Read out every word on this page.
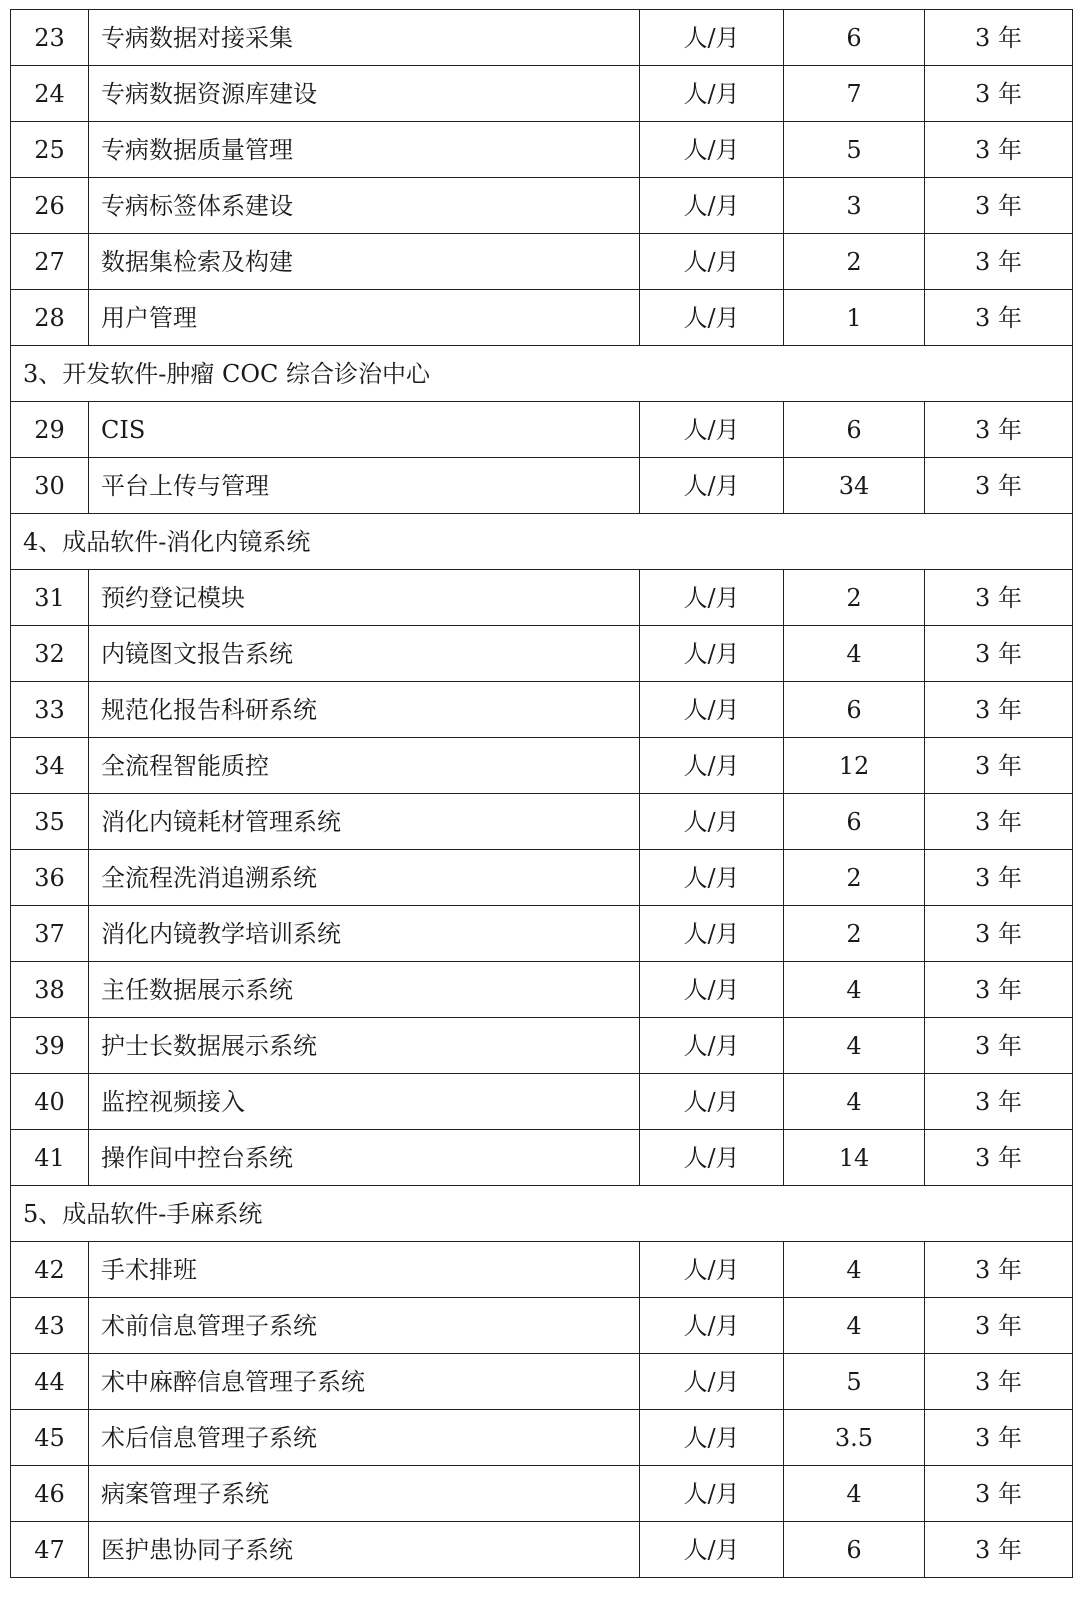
23	专病数据对接采集	人/月	6	3 年
24	专病数据资源库建设	人/月	7	3 年
25	专病数据质量管理	人/月	5	3 年
26	专病标签体系建设	人/月	3	3 年
27	数据集检索及构建	人/月	2	3 年
28	用户管理	人/月	1	3 年
3、开发软件-肿瘤 COC 综合诊治中心				
29	CIS	人/月	6	3 年
30	平台上传与管理	人/月	34	3 年
4、成品软件-消化内镜系统				
31	预约登记模块	人/月	2	3 年
32	内镜图文报告系统	人/月	4	3 年
33	规范化报告科研系统	人/月	6	3 年
34	全流程智能质控	人/月	12	3 年
35	消化内镜耗材管理系统	人/月	6	3 年
36	全流程洗消追溯系统	人/月	2	3 年
37	消化内镜教学培训系统	人/月	2	3 年
38	主任数据展示系统	人/月	4	3 年
39	护士长数据展示系统	人/月	4	3 年
40	监控视频接入	人/月	4	3 年
41	操作间中控台系统	人/月	14	3 年
5、成品软件-手麻系统				
42	手术排班	人/月	4	3 年
43	术前信息管理子系统	人/月	4	3 年
44	术中麻醉信息管理子系统	人/月	5	3 年
45	术后信息管理子系统	人/月	3.5	3 年
46	病案管理子系统	人/月	4	3 年
47	医护患协同子系统	人/月	6	3 年
